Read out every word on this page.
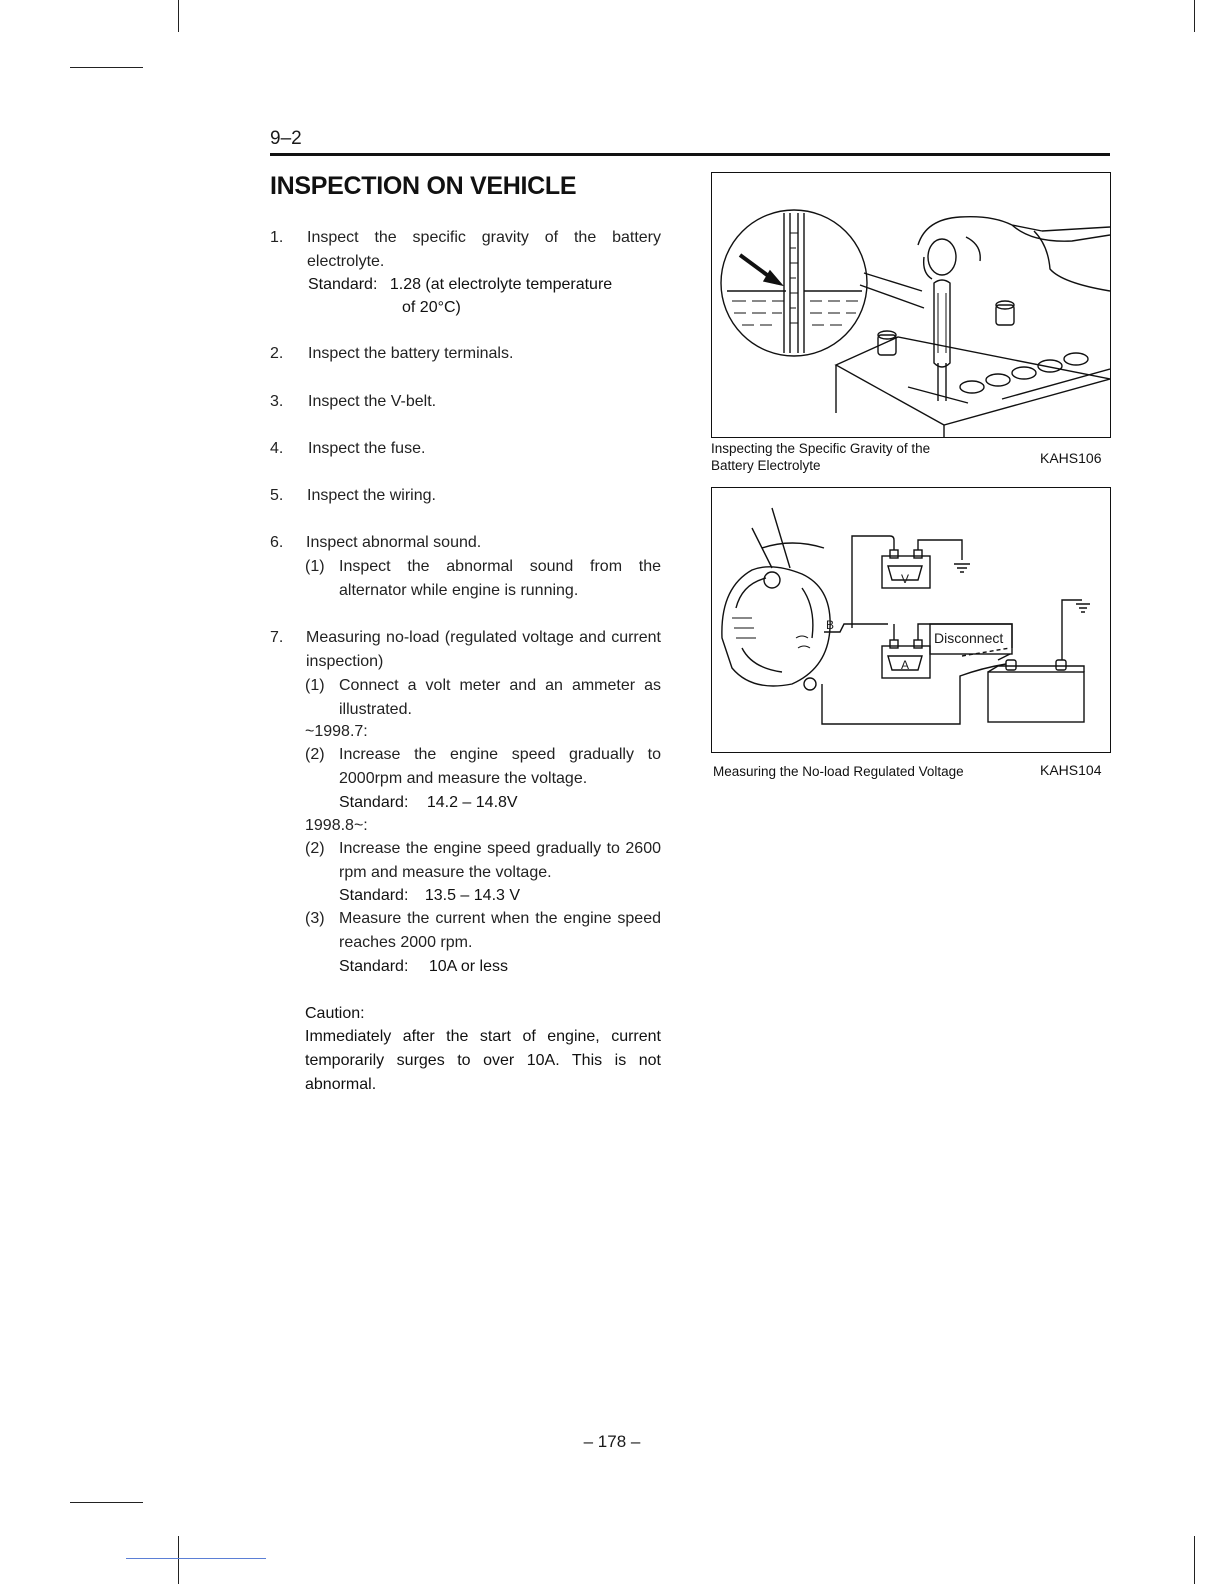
9–2
INSPECTION ON VEHICLE
1. Inspect the specific gravity of the battery electrolyte.
Standard: 1.28 (at electrolyte temperature
of 20°C)
2. Inspect the battery terminals.
3. Inspect the V-belt.
4. Inspect the fuse.
5. Inspect the wiring.
6. Inspect abnormal sound.
(1) Inspect the abnormal sound from the alternator while engine is running.
7. Measuring no-load (regulated voltage and current inspection)
(1) Connect a volt meter and an ammeter as illustrated.
~1998.7:
(2) Increase the engine speed gradually to 2000rpm and measure the voltage.
Standard: 14.2 – 14.8V
1998.8~:
(2) Increase the engine speed gradually to 2600 rpm and measure the voltage.
Standard: 13.5 – 14.3 V
(3) Measure the current when the engine speed reaches 2000 rpm.
Standard: 10A or less
Caution:
Immediately after the start of engine, current temporarily surges to over 10A. This is not abnormal.
Inspecting the Specific Gravity of the
Battery Electrolyte	KAHS106
V
A
B
Disconnect
Measuring the No-load Regulated Voltage	KAHS104
– 178 –
